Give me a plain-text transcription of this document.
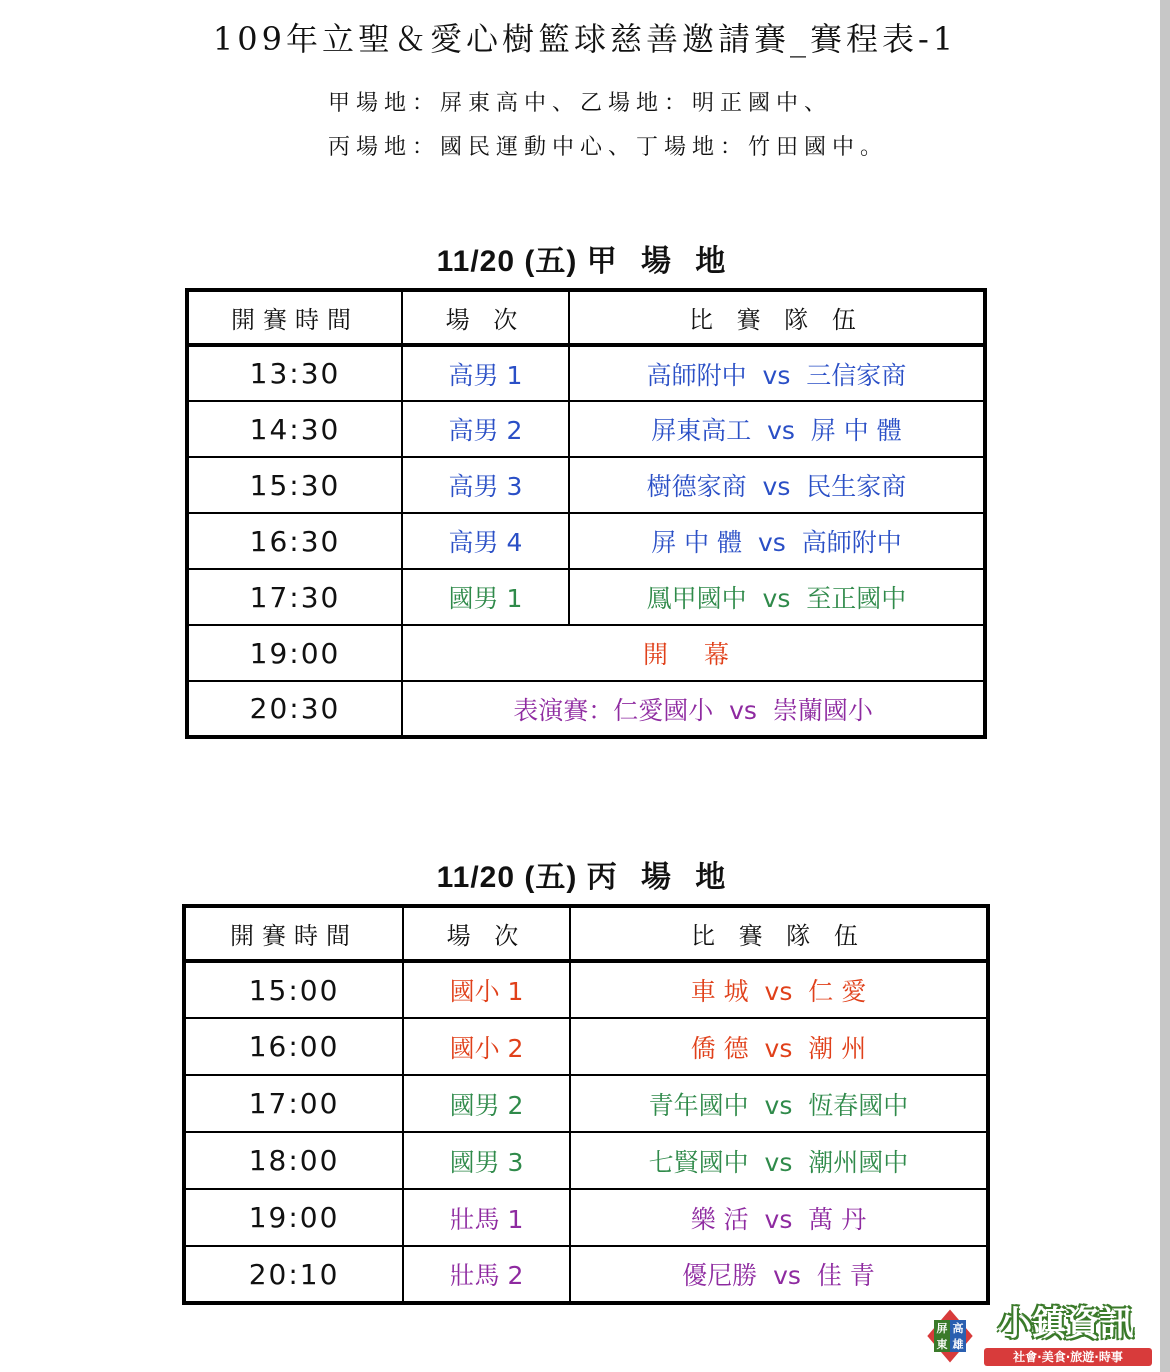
109年立聖＆愛心樹籃球慈善邀請賽_賽程表-1
甲場地：屏東高中、乙場地：明正國中、
丙場地：國民運動中心、丁場地：竹田國中。
11/20 (五) 甲 場 地
開賽時間	場 次	比 賽 隊 伍
13:30	高男 1	高師附中  vs  三信家商
14:30	高男 2	屏東高工  vs  屏 中 體
15:30	高男 3	樹德家商  vs  民生家商
16:30	高男 4	屏 中 體  vs  高師附中
17:30	國男 1	鳳甲國中  vs  至正國中
19:00	開 幕	
20:30	表演賽：仁愛國小  vs  崇蘭國小	
11/20 (五) 丙 場 地
開賽時間	場 次	比 賽 隊 伍
15:00	國小 1	車 城  vs  仁 愛
16:00	國小 2	僑 德  vs  潮 州
17:00	國男 2	青年國中  vs  恆春國中
18:00	國男 3	七賢國中  vs  潮州國中
19:00	壯馬 1	樂 活  vs  萬 丹
20:10	壯馬 2	優尼勝  vs  佳 青
屏
東
高
雄
小鎮資訊
社會·美食·旅遊·時事
